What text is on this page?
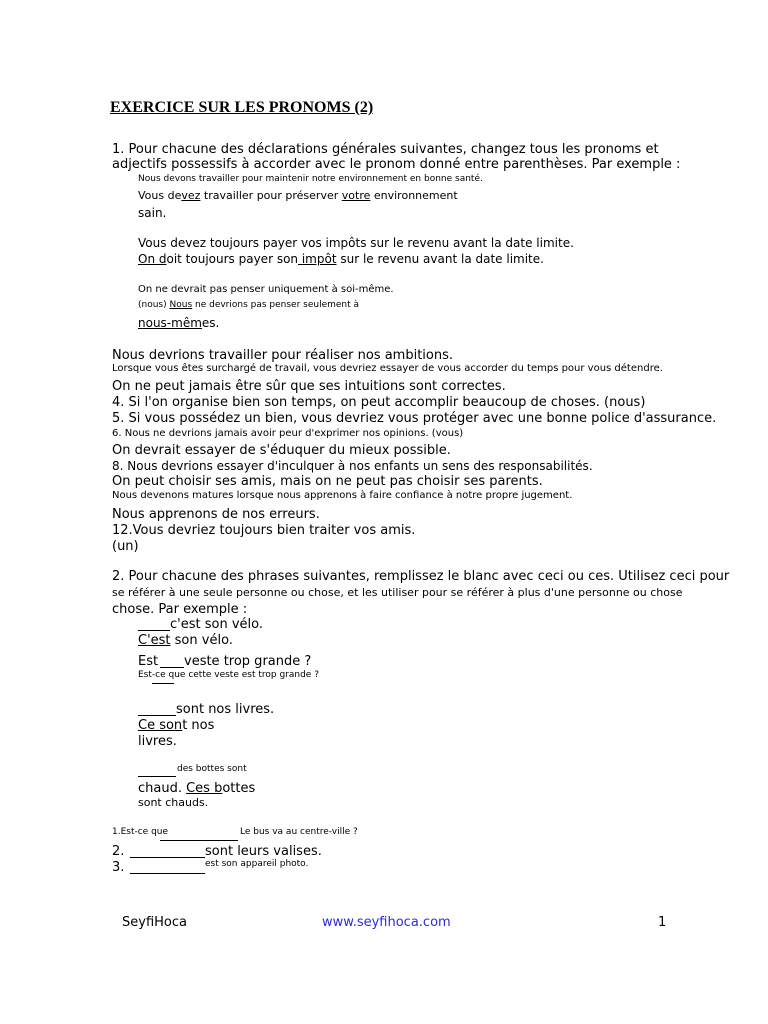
EXERCICE SUR LES PRONOMS (2)
1. Pour chacune des déclarations générales suivantes, changez tous les pronoms et
adjectifs possessifs à accorder avec le pronom donné entre parenthèses. Par exemple :
Nous devons travailler pour maintenir notre environnement en bonne santé.
Vous devez travailler pour préserver votre environnement
sain.
Vous devez toujours payer vos impôts sur le revenu avant la date limite.
On doit toujours payer son impôt sur le revenu avant la date limite.
On ne devrait pas penser uniquement à soi-même.
(nous) Nous ne devrions pas penser seulement à
nous-mêmes.
Nous devrions travailler pour réaliser nos ambitions.
Lorsque vous êtes surchargé de travail, vous devriez essayer de vous accorder du temps pour vous détendre.
On ne peut jamais être sûr que ses intuitions sont correctes.
4. Si l'on organise bien son temps, on peut accomplir beaucoup de choses. (nous)
5. Si vous possédez un bien, vous devriez vous protéger avec une bonne police d'assurance.
6. Nous ne devrions jamais avoir peur d'exprimer nos opinions. (vous)
On devrait essayer de s'éduquer du mieux possible.
8. Nous devrions essayer d'inculquer à nos enfants un sens des responsabilités.
On peut choisir ses amis, mais on ne peut pas choisir ses parents.
Nous devenons matures lorsque nous apprenons à faire confiance à notre propre jugement.
Nous apprenons de nos erreurs.
12.Vous devriez toujours bien traiter vos amis.
(un)
2. Pour chacune des phrases suivantes, remplissez le blanc avec ceci ou ces. Utilisez ceci pour
se référer à une seule personne ou chose, et les utiliser pour se référer à plus d'une personne ou chose
chose. Par exemple :
c'est son vélo.
C'est son vélo.
Est veste trop grande ?
Est-ce que cette veste est trop grande ?
sont nos livres.
Ce sont nos
livres.
des bottes sont
chaud. Ces bottes
sont chauds.
1.Est-ce que	Le bus va au centre-ville ?
2.	sont leurs valises.
3.	est son appareil photo.
SeyfiHoca	www.seyfihoca.com	1
